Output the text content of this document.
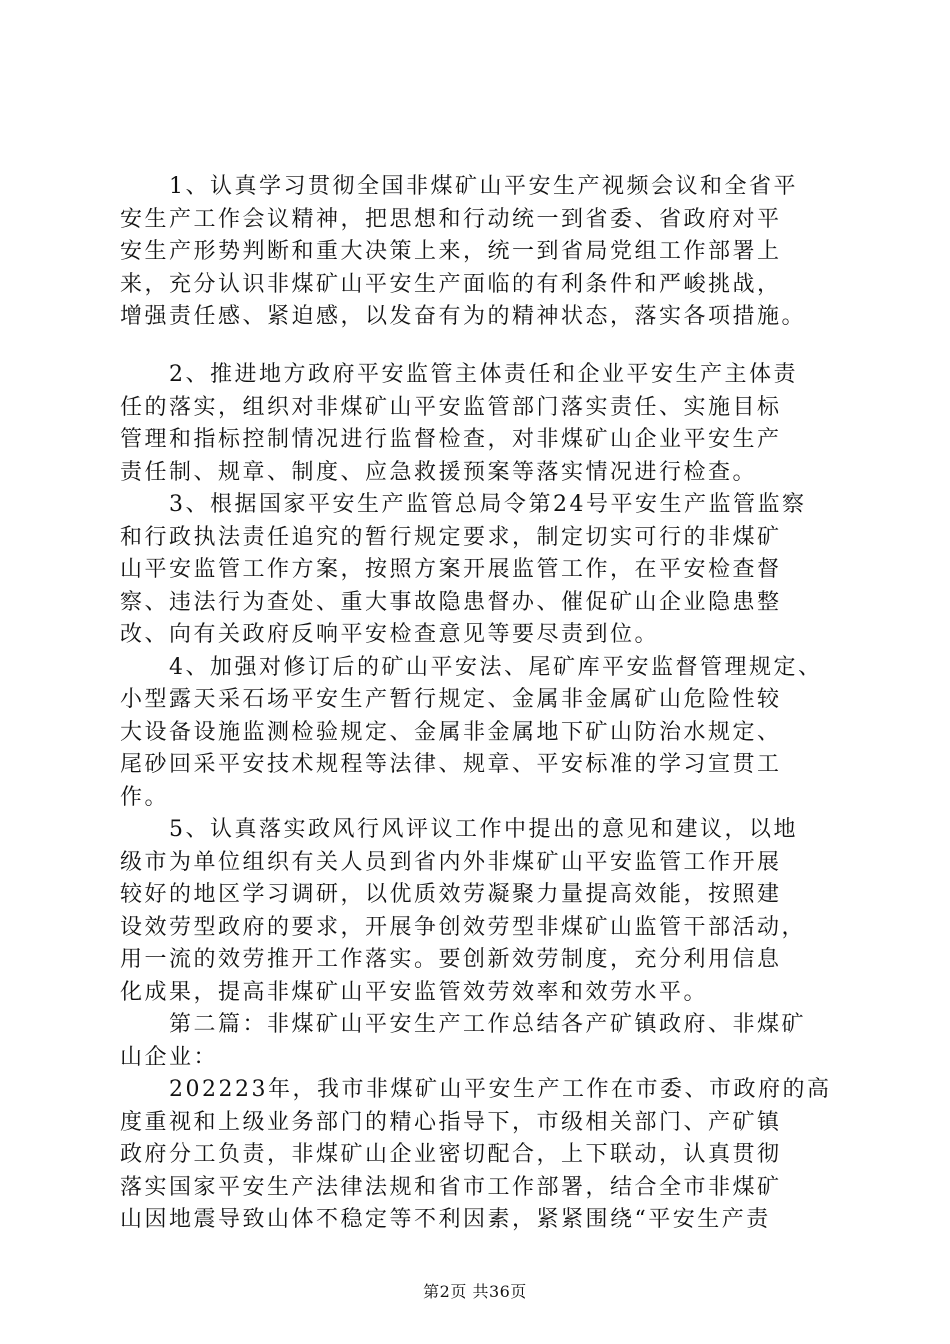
　　1、认真学习贯彻全国非煤矿山平安生产视频会议和全省平
安生产工作会议精神，把思想和行动统一到省委、省政府对平
安生产形势判断和重大决策上来，统一到省局党组工作部署上
来，充分认识非煤矿山平安生产面临的有利条件和严峻挑战，
增强责任感、紧迫感，以发奋有为的精神状态，落实各项措施。
　　2、推进地方政府平安监管主体责任和企业平安生产主体责
任的落实，组织对非煤矿山平安监管部门落实责任、实施目标
管理和指标控制情况进行监督检查，对非煤矿山企业平安生产
责任制、规章、制度、应急救援预案等落实情况进行检查。
　　3、根据国家平安生产监管总局令第24号平安生产监管监察
和行政执法责任追究的暂行规定要求，制定切实可行的非煤矿
山平安监管工作方案，按照方案开展监管工作，在平安检查督
察、违法行为查处、重大事故隐患督办、催促矿山企业隐患整
改、向有关政府反响平安检查意见等要尽责到位。
　　4、加强对修订后的矿山平安法、尾矿库平安监督管理规定、
小型露天采石场平安生产暂行规定、金属非金属矿山危险性较
大设备设施监测检验规定、金属非金属地下矿山防治水规定、
尾砂回采平安技术规程等法律、规章、平安标准的学习宣贯工
作。
　　5、认真落实政风行风评议工作中提出的意见和建议，以地
级市为单位组织有关人员到省内外非煤矿山平安监管工作开展
较好的地区学习调研，以优质效劳凝聚力量提高效能，按照建
设效劳型政府的要求，开展争创效劳型非煤矿山监管干部活动，
用一流的效劳推开工作落实。要创新效劳制度，充分利用信息
化成果，提高非煤矿山平安监管效劳效率和效劳水平。
　　第二篇：非煤矿山平安生产工作总结各产矿镇政府、非煤矿
山企业：
　　202223年，我市非煤矿山平安生产工作在市委、市政府的高
度重视和上级业务部门的精心指导下，市级相关部门、产矿镇
政府分工负责，非煤矿山企业密切配合，上下联动，认真贯彻
落实国家平安生产法律法规和省市工作部署，结合全市非煤矿
山因地震导致山体不稳定等不利因素，紧紧围绕“平安生产责
第2页 共36页
